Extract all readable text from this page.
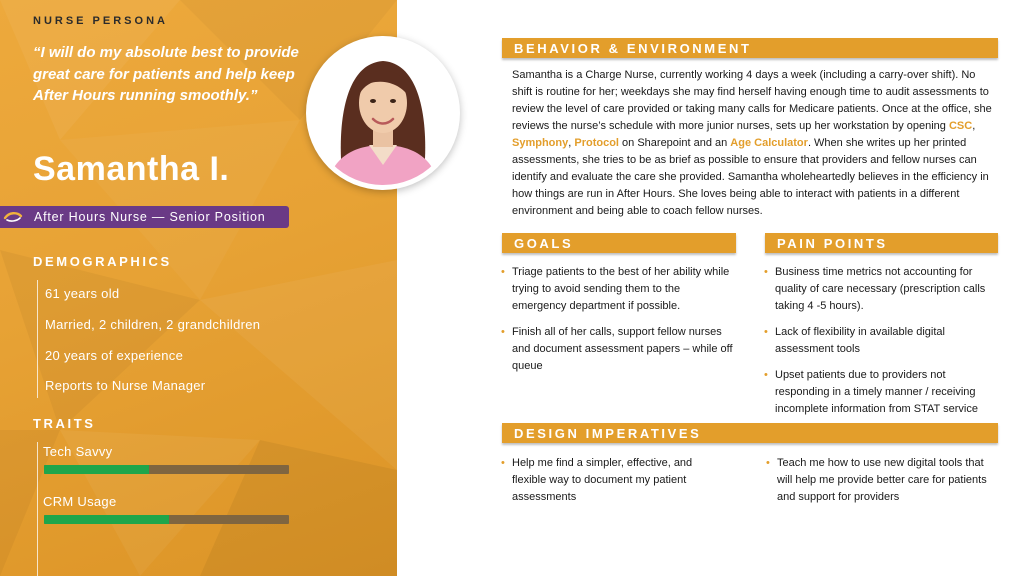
NURSE PERSONA
“I will do my absolute best to provide great care for patients and help keep After Hours running smoothly.”
Samantha I.
After Hours Nurse — Senior Position
DEMOGRAPHICS
61 years old
Married, 2 children, 2 grandchildren
20 years of experience
Reports to Nurse Manager
TRAITS
Tech Savvy
CRM Usage
BEHAVIOR & ENVIRONMENT
Samantha is a Charge Nurse, currently working 4 days a week (including a carry-over shift). No shift is routine for her; weekdays she may find herself having enough time to audit assessments to review the level of care provided or taking many calls for Medicare patients. Once at the office, she reviews the nurse’s schedule with more junior nurses, sets up her workstation by opening CSC, Symphony, Protocol on Sharepoint and an Age Calculator. When she writes up her printed assessments, she tries to be as brief as possible to ensure that providers and fellow nurses can identify and evaluate the care she provided. Samantha wholeheartedly believes in the efficiency in how things are run in After Hours. She loves being able to interact with patients in a different environment and being able to coach fellow nurses.
GOALS
• Triage patients to the best of her ability while trying to avoid sending them to the emergency department if possible.
• Finish all of her calls, support fellow nurses and document assessment papers – while off queue
PAIN POINTS
• Business time metrics not accounting for quality of care necessary (prescription calls taking 4 -5 hours).
• Lack of flexibility in available digital assessment tools
• Upset patients due to providers not responding in a timely manner / receiving incomplete information from STAT service
DESIGN IMPERATIVES
• Help me find a simpler, effective, and flexible way to document my patient assessments
• Teach me how to use new digital tools that will help me provide better care for patients and support for providers
